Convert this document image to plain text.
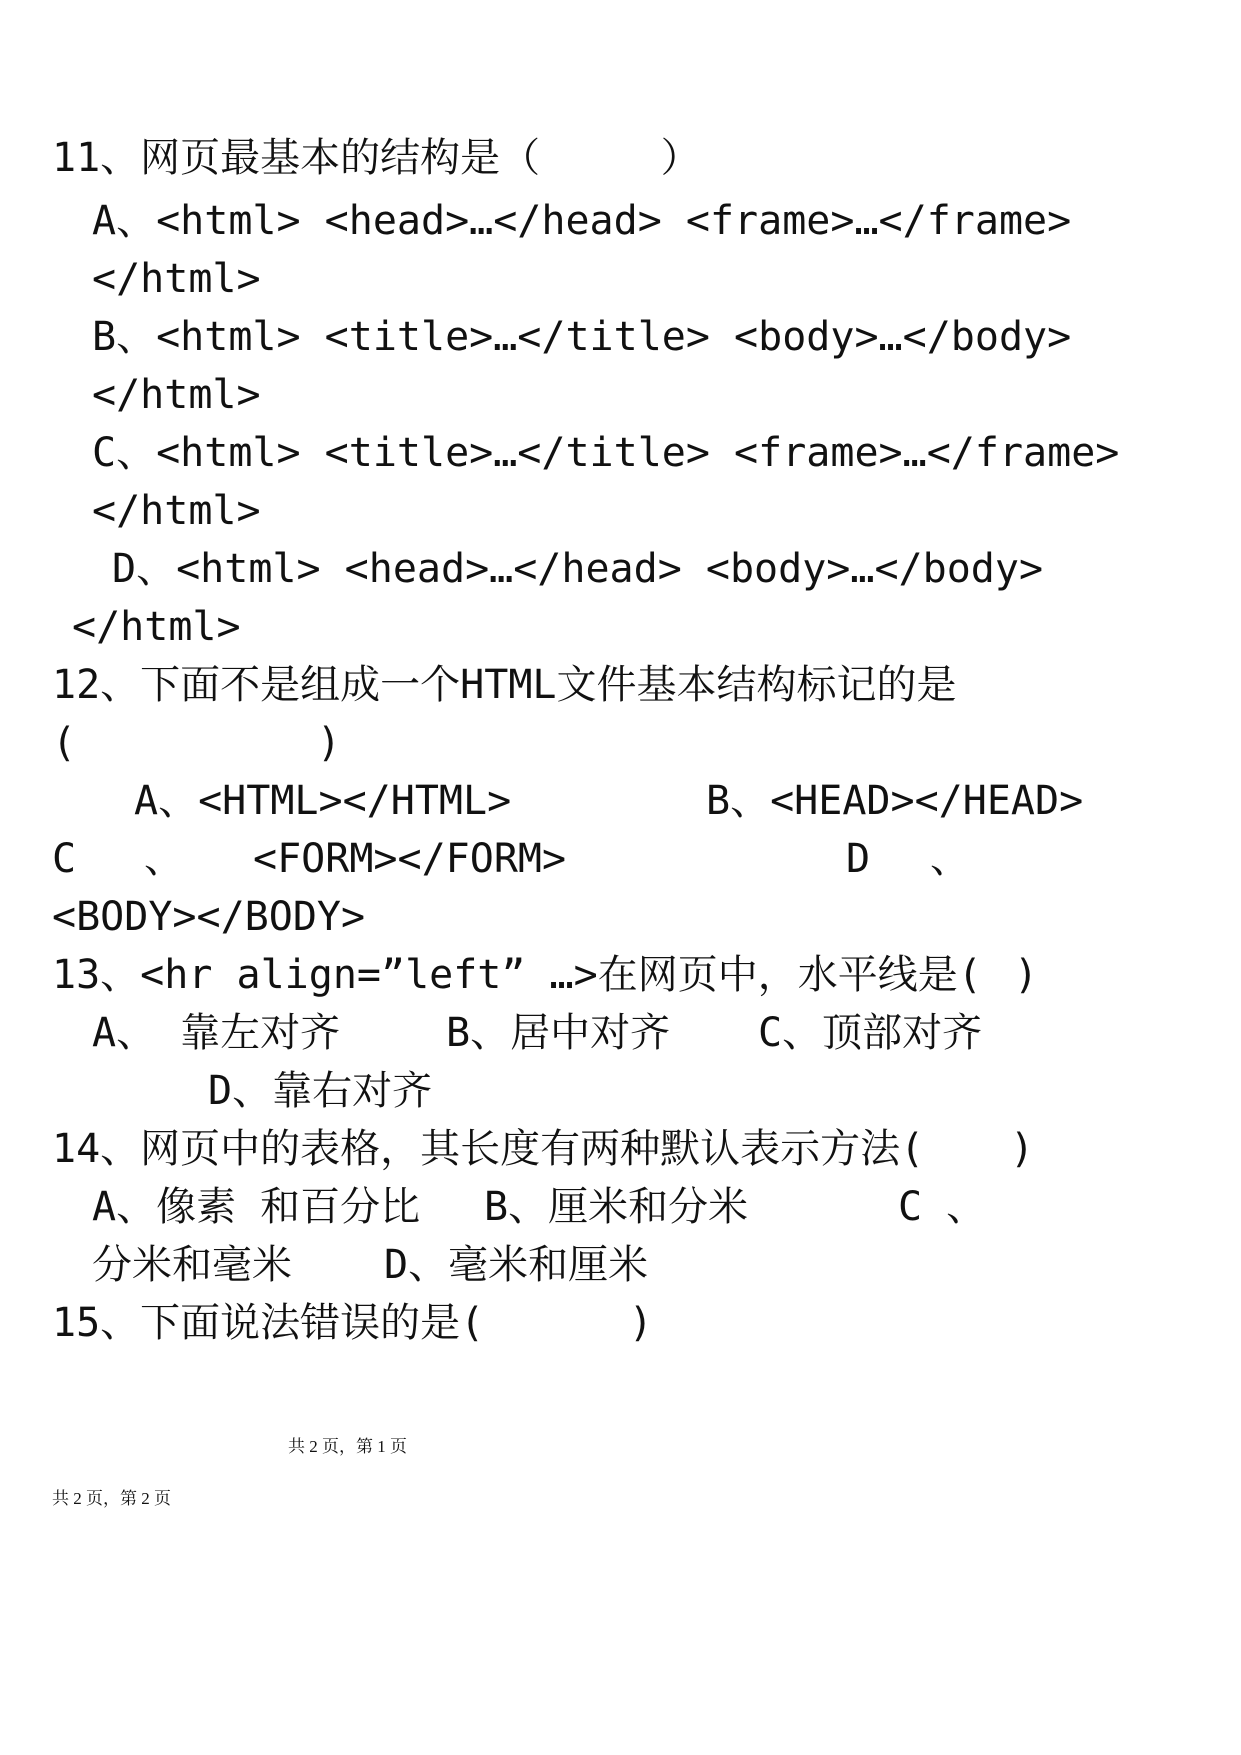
11、网页最基本的结构是（     ）
A、<html> <head>…</head> <frame>…</frame>
</html>
B、<html> <title>…</title> <body>…</body>
</html>
C、<html> <title>…</title> <frame>…</frame>
</html>
D、<html> <head>…</head> <body>…</body>
</html>
12、下面不是组成一个HTML文件基本结构标记的是
(          )
A、<HTML></HTML>	B、<HEAD></HEAD>
C 、 <FORM></FORM>	D 、
<BODY></BODY>
13、<hr align=”left” …>在网页中，水平线是( )
A、 靠左对齐	B、居中对齐 C、顶部对齐
D、靠右对齐
14、网页中的表格，其长度有两种默认表示方法( )
A、像素 和百分比 B、厘米和分米	C 、
分米和毫米 D、毫米和厘米
15、下面说法错误的是(      )
共 2 页，第 1 页
共 2 页，第 2 页
